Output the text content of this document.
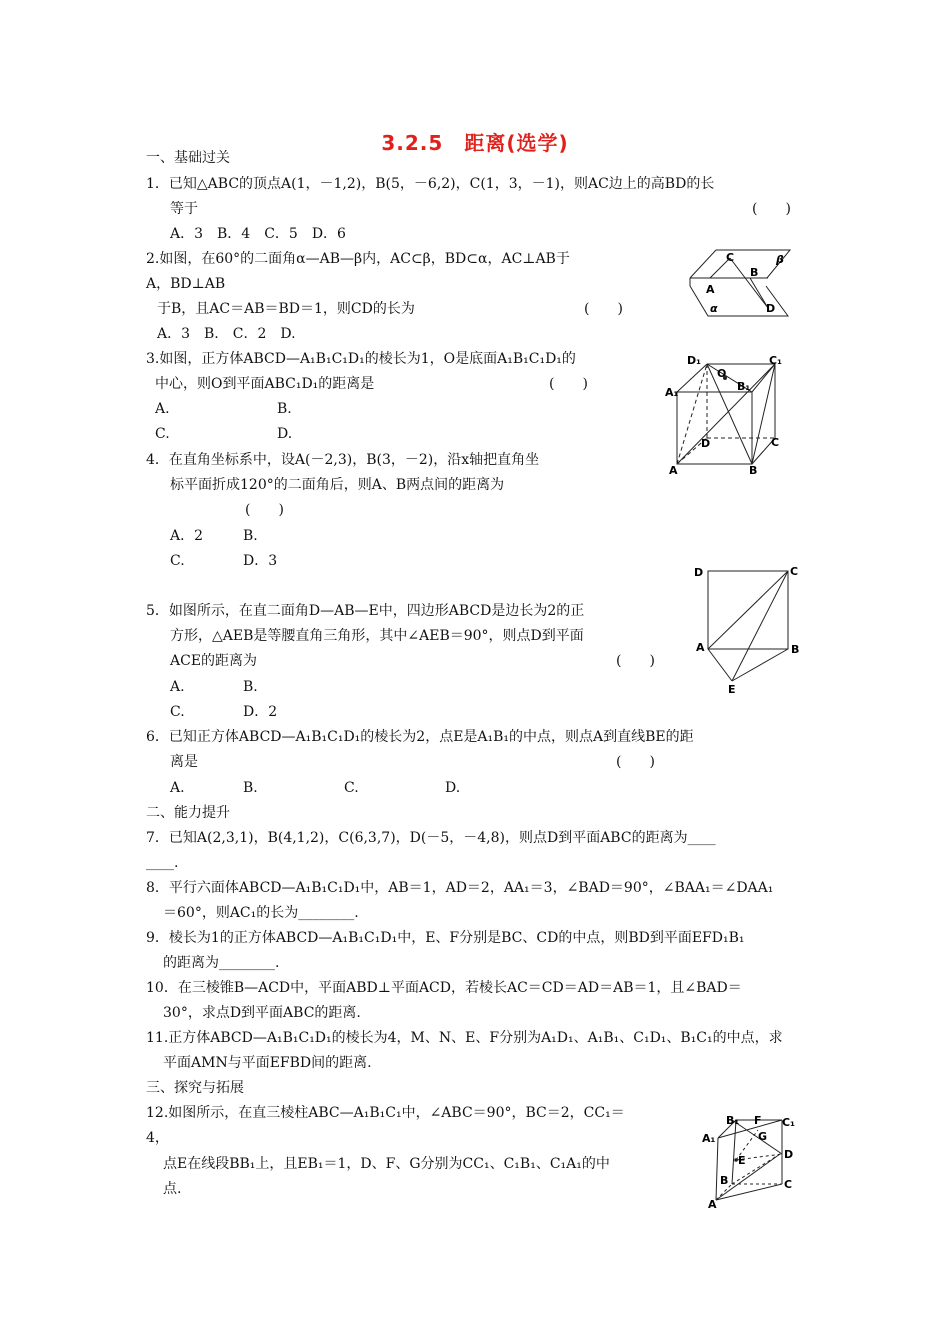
3.2.5　距离(选学)
一、基础过关
1．已知△ABC的顶点A(1，－1,2)，B(5，－6,2)，C(1，3，－1)，则AC边上的高BD的长
等于	(　　)
A．3　B．4　C．5　D．6
2.如图，在60°的二面角α—AB—β内，AC⊂β，BD⊂α，AC⊥AB于
A，BD⊥AB
于B，且AC＝AB＝BD＝1，则CD的长为	(　　)
A．3　B.　C．2　D.
C	β
B
A
α	D
3.如图，正方体ABCD—A₁B₁C₁D₁的棱长为1，O是底面A₁B₁C₁D₁的
中心，则O到平面ABC₁D₁的距离是	(　　)
A.	B.
C.	D.
D₁
O
C₁
B₁
A₁
D	C
A	B
4．在直角坐标系中，设A(－2,3)，B(3，－2)，沿x轴把直角坐
标平面折成120°的二面角后，则A、B两点间的距离为
(　　)
A．2	B.
C.	D．3
D	C
A	B
E
5．如图所示，在直二面角D—AB—E中，四边形ABCD是边长为2的正
方形，△AEB是等腰直角三角形，其中∠AEB＝90°，则点D到平面
ACE的距离为	(　　)
A.	B.
C.	D．2
6．已知正方体ABCD—A₁B₁C₁D₁的棱长为2，点E是A₁B₁的中点，则点A到直线BE的距
离是	(　　)
A.	B.	C.	D.
二、能力提升
7．已知A(2,3,1)，B(4,1,2)，C(6,3,7)，D(－5，－4,8)，则点D到平面ABC的距离为____
____.
8．平行六面体ABCD—A₁B₁C₁D₁中，AB＝1，AD＝2，AA₁＝3，∠BAD＝90°，∠BAA₁＝∠DAA₁
＝60°，则AC₁的长为________.
9．棱长为1的正方体ABCD—A₁B₁C₁D₁中，E、F分别是BC、CD的中点，则BD到平面EFD₁B₁
的距离为________.
10．在三棱锥B—ACD中，平面ABD⊥平面ACD，若棱长AC＝CD＝AD＝AB＝1，且∠BAD＝
30°，求点D到平面ABC的距离.
11.正方体ABCD—A₁B₁C₁D₁的棱长为4，M、N、E、F分别为A₁D₁、A₁B₁、C₁D₁、B₁C₁的中点，求
平面AMN与平面EFBD间的距离.
三、探究与拓展
12.如图所示，在直三棱柱ABC—A₁B₁C₁中，∠ABC＝90°，BC＝2，CC₁＝
4，
点E在线段BB₁上，且EB₁＝1，D、F、G分别为CC₁、C₁B₁、C₁A₁的中
点.
B₁ F C₁
A₁	G
E	D
B	C
A
